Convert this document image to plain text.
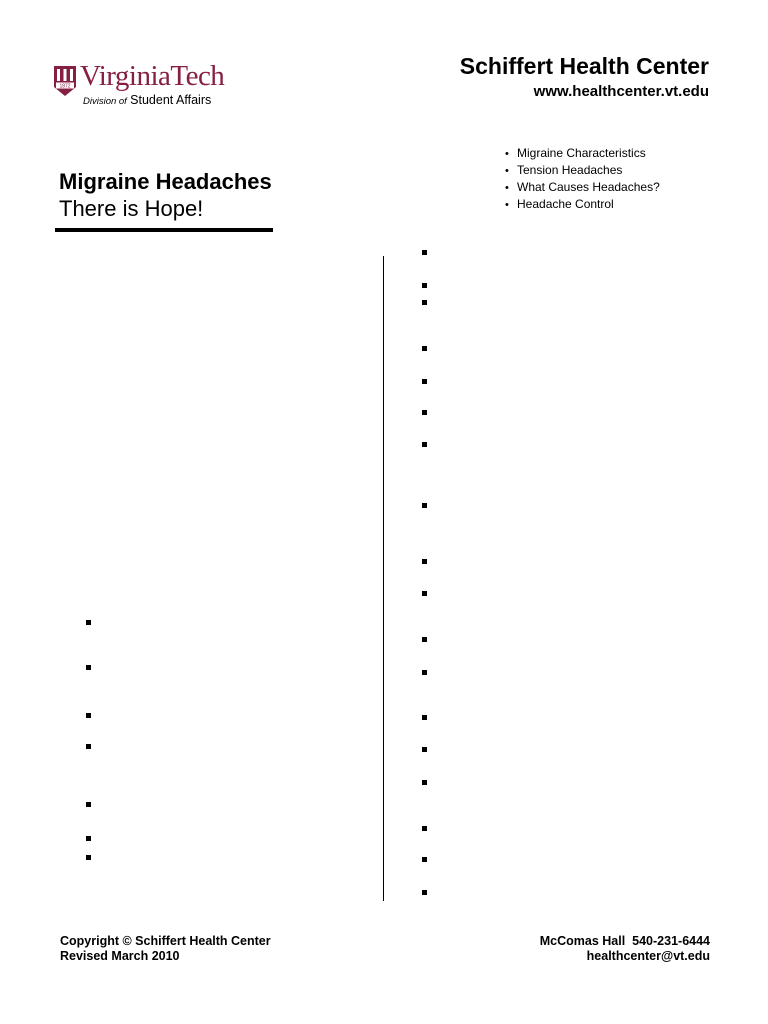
1872 VirginiaTech
Division of Student Affairs
Schiffert Health Center
www.healthcenter.vt.edu
• Migraine Characteristics
• Tension Headaches
• What Causes Headaches?
• Headache Control
Migraine Headaches
There is Hope!
Copyright © Schiffert Health Center
Revised March 2010
McComas Hall  540-231-6444
healthcenter@vt.edu
